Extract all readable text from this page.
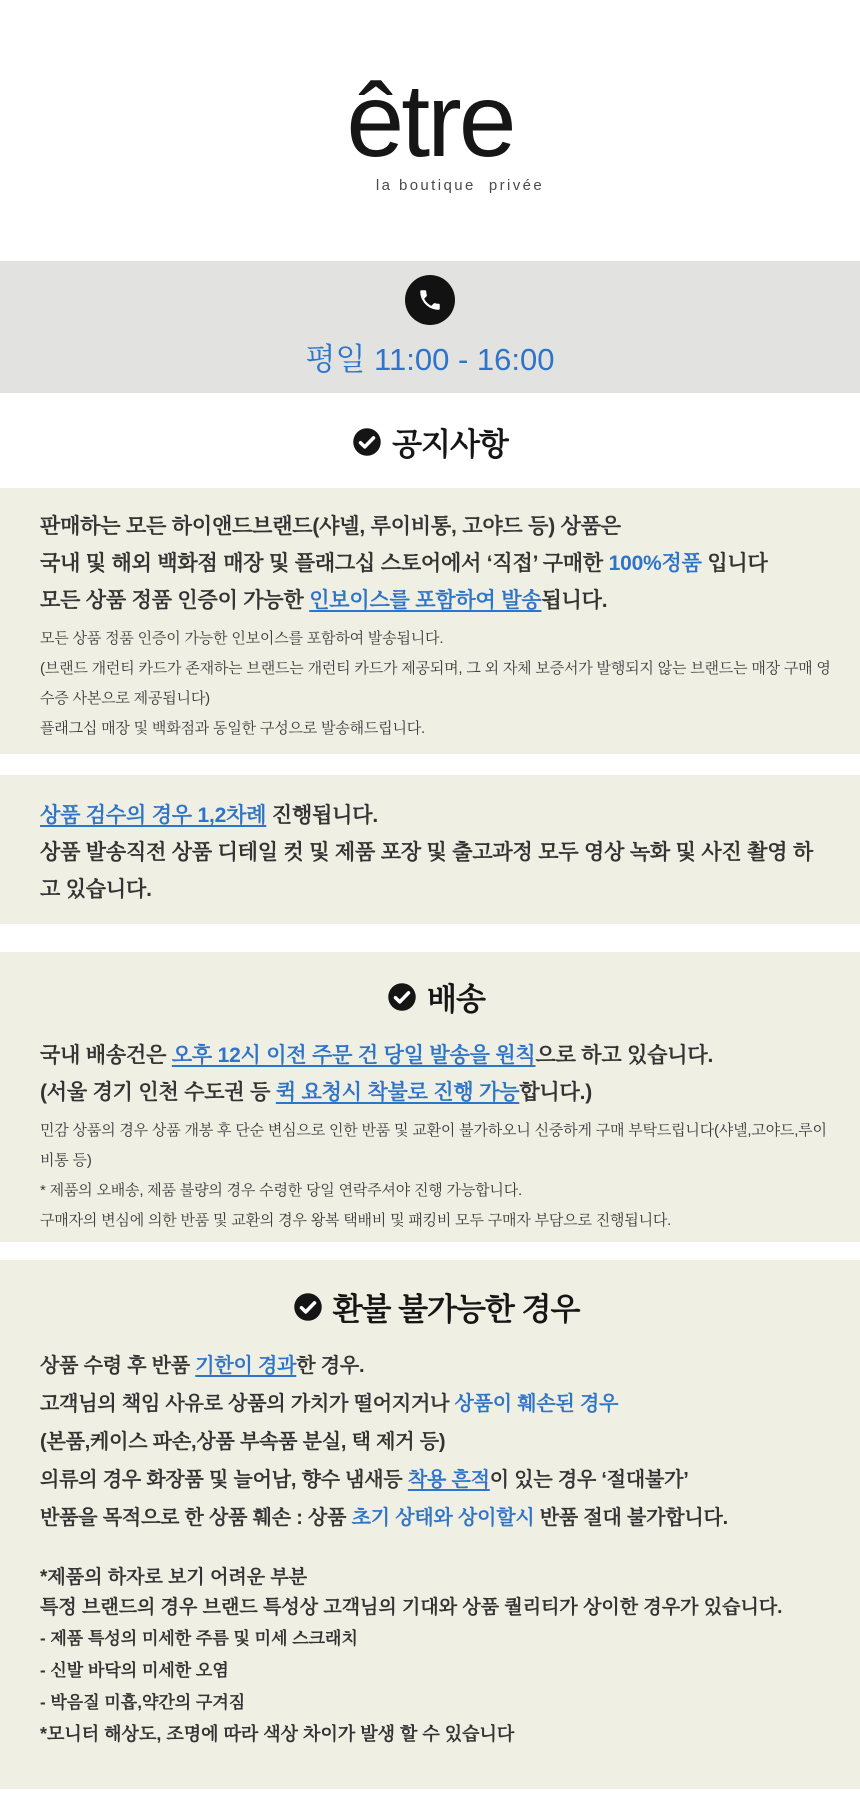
être
la boutique  privée
평일 11:00 - 16:00
공지사항

판매하는 모든 하이앤드브랜드(샤넬, 루이비통, 고야드 등) 상품은

국내 및 해외 백화점 매장 및 플래그십 스토어에서 ‘직접’ 구매한 100%정품 입니다

모든 상품 정품 인증이 가능한 인보이스를 포함하여 발송됩니다.

모든 상품 정품 인증이 가능한 인보이스를 포함하여 발송됩니다.

(브랜드 개런티 카드가 존재하는 브랜드는 개런티 카드가 제공되며, 그 외 자체 보증서가 발행되지 않는 브랜드는 매장 구매 영수증 사본으로 제공됩니다)

플래그십 매장 및 백화점과 동일한 구성으로 발송해드립니다.

상품 검수의 경우 1,2차례 진행됩니다.

상품 발송직전 상품 디테일 컷 및 제품 포장 및 출고과정 모두 영상 녹화 및 사진 촬영 하고 있습니다.

배송

국내 배송건은 오후 12시 이전 주문 건 당일 발송을 원칙으로 하고 있습니다.

(서울 경기 인천 수도권 등 퀵 요청시 착불로 진행 가능합니다.)

민감 상품의 경우 상품 개봉 후 단순 변심으로 인한 반품 및 교환이 불가하오니 신중하게 구매 부탁드립니다(샤넬,고야드,루이비통 등)

* 제품의 오배송, 제품 불량의 경우 수령한 당일 연락주셔야 진행 가능합니다.

구매자의 변심에 의한 반품 및 교환의 경우 왕복 택배비 및 패킹비 모두 구매자 부담으로 진행됩니다.

환불 불가능한 경우

상품 수령 후 반품 기한이 경과한 경우.

고객님의 책임 사유로 상품의 가치가 떨어지거나 상품이 훼손된 경우

(본품,케이스 파손,상품 부속품 분실, 택 제거 등)

의류의 경우 화장품 및 늘어남, 향수 냄새등 착용 흔적이 있는 경우 ‘절대불가’

반품을 목적으로 한 상품 훼손 : 상품 초기 상태와 상이할시 반품 절대 불가합니다.

*제품의 하자로 보기 어려운 부분

특정 브랜드의 경우 브랜드 특성상 고객님의 기대와 상품 퀄리티가 상이한 경우가 있습니다.

- 제품 특성의 미세한 주름 및 미세 스크래치

- 신발 바닥의 미세한 오염

- 박음질 미흡,약간의 구겨짐

*모니터 해상도, 조명에 따라 색상 차이가 발생 할 수 있습니다
